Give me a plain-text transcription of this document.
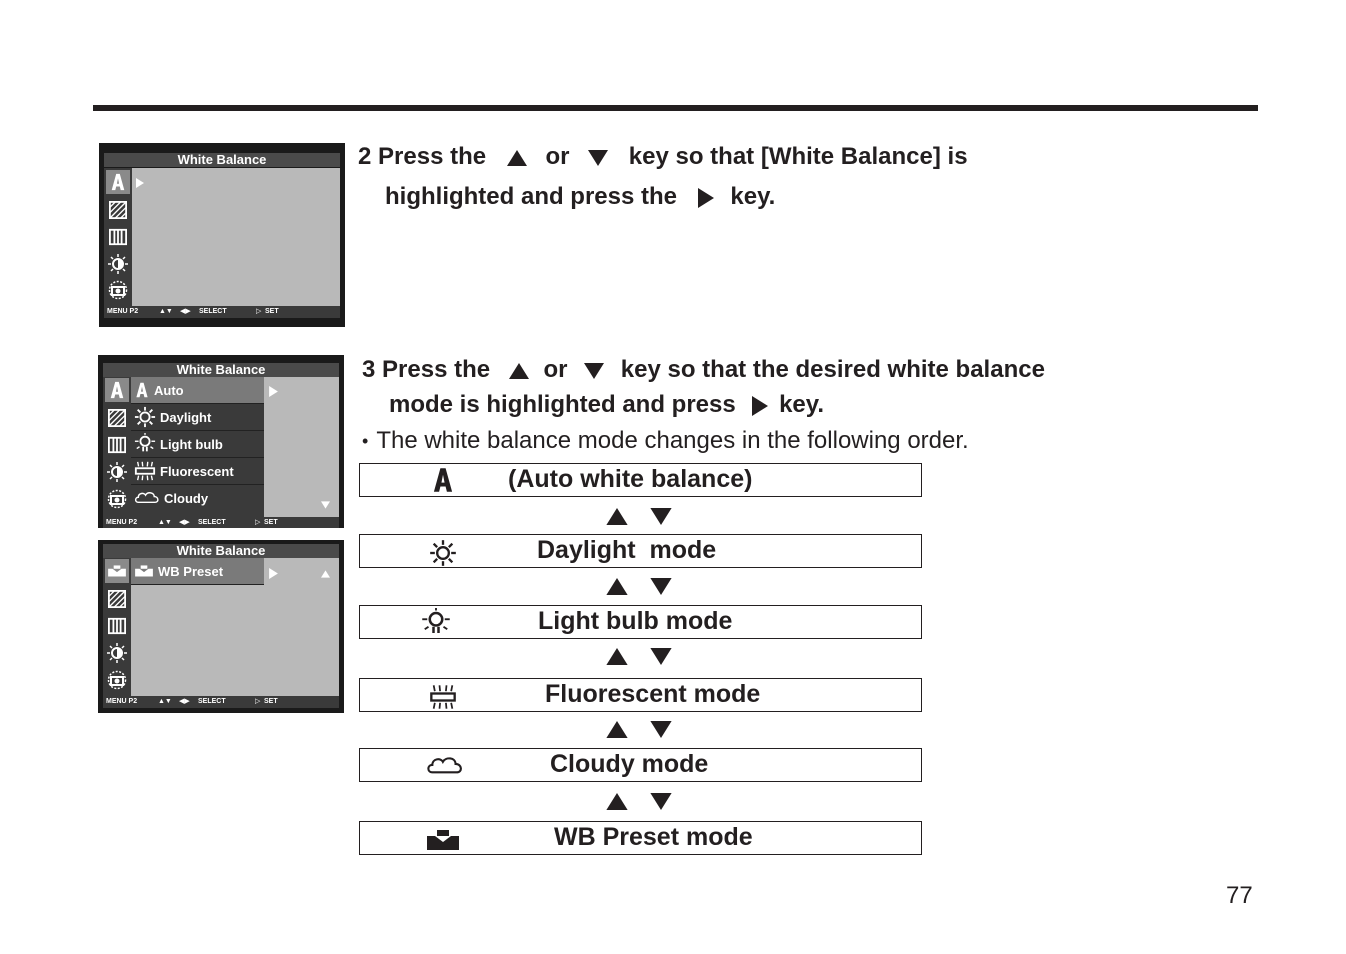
White Balance
MENU P2	▲▼ ◀▶ SELECT	▷ SET
White Balance
Auto
Daylight
Light bulb
Fluorescent
Cloudy
MENU P2	▲▼ ◀▶ SELECT	▷ SET
White Balance
WB Preset
MENU P2	▲▼ ◀▶ SELECT	▷ SET
2 Press the or key so that [White Balance] is
highlighted and press the key.
3 Press the or key so that the desired white balance
mode is highlighted and press key.
• The white balance mode changes in the following order.
(Auto white balance)
Daylight  mode
Light bulb mode
Fluorescent mode
Cloudy mode
WB Preset mode
77
